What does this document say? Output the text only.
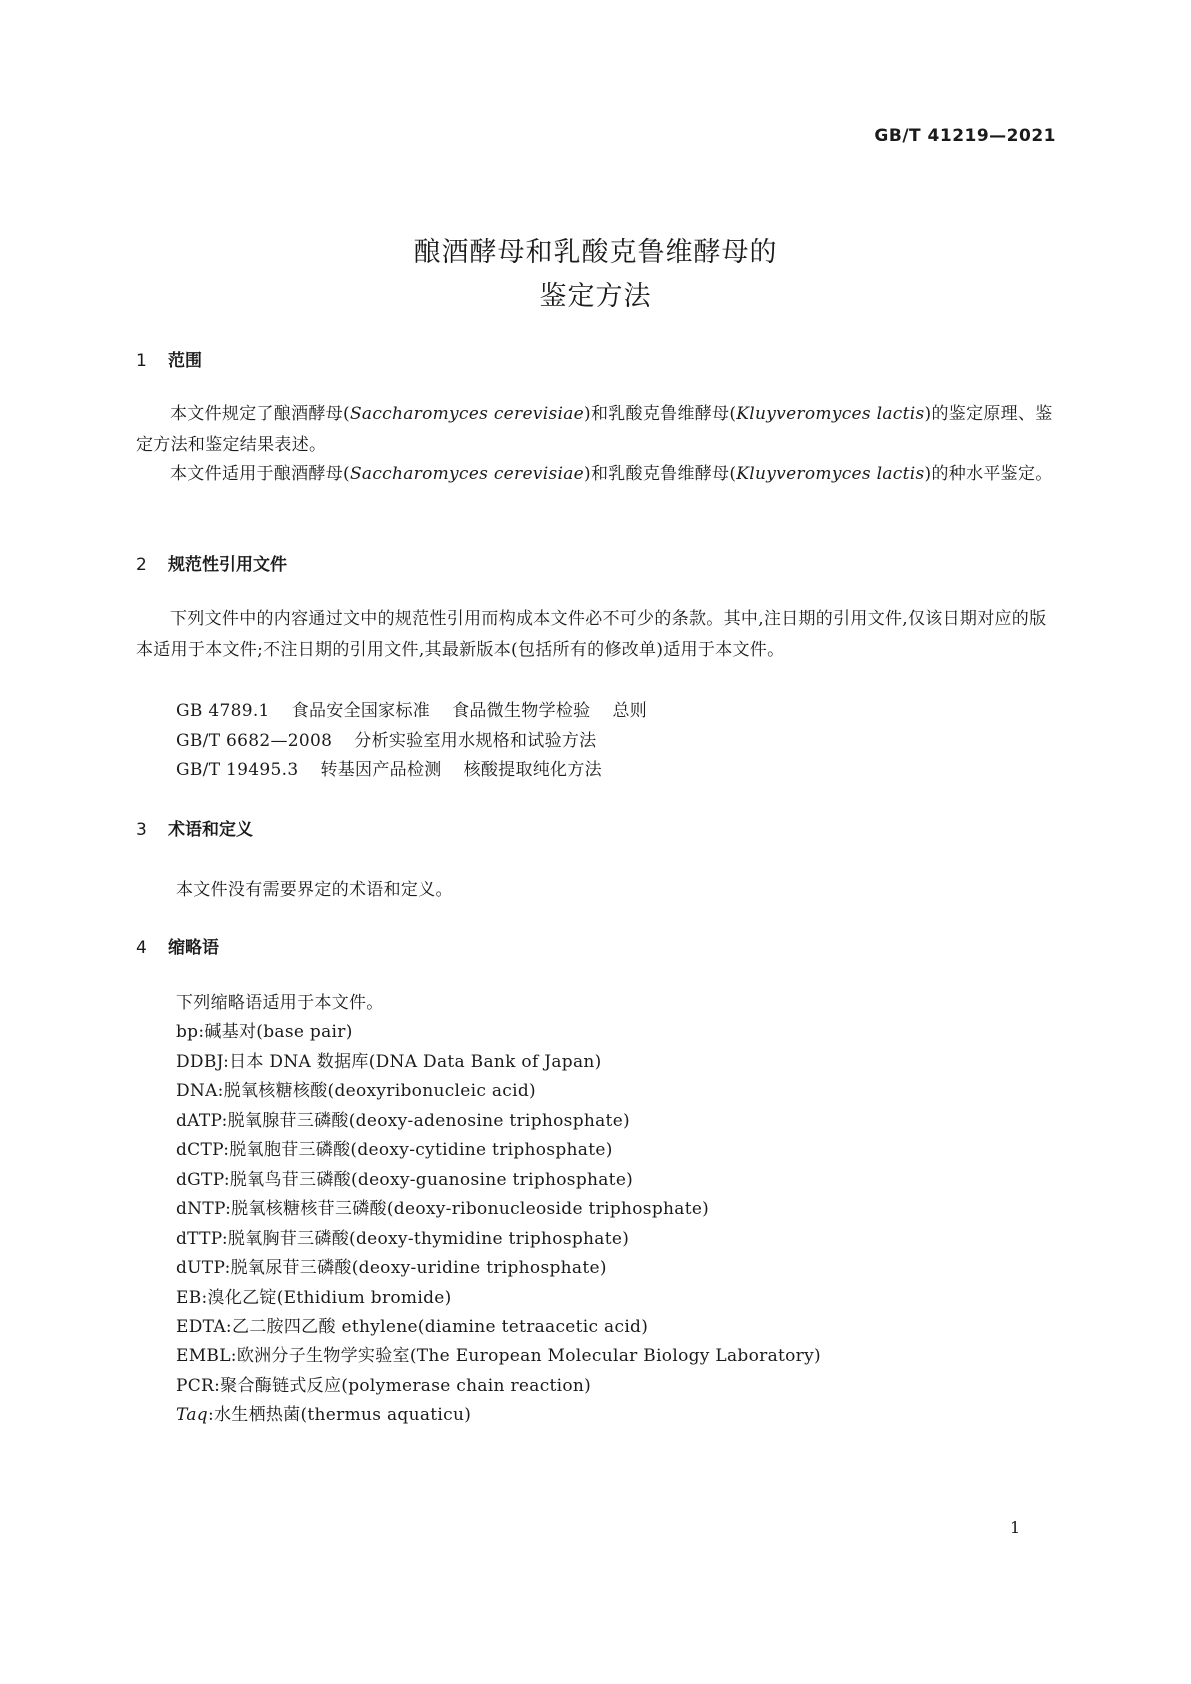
GB/T 41219—2021
酿酒酵母和乳酸克鲁维酵母的
鉴定方法
1 范围
本文件规定了酿酒酵母(Saccharomyces cerevisiae)和乳酸克鲁维酵母(Kluyveromyces lactis)的鉴定原理、鉴定方法和鉴定结果表述。
本文件适用于酿酒酵母(Saccharomyces cerevisiae)和乳酸克鲁维酵母(Kluyveromyces lactis)的种水平鉴定。
2 规范性引用文件
下列文件中的内容通过文中的规范性引用而构成本文件必不可少的条款。其中,注日期的引用文件,仅该日期对应的版本适用于本文件;不注日期的引用文件,其最新版本(包括所有的修改单)适用于本文件。
GB 4789.1 食品安全国家标准 食品微生物学检验 总则
GB/T 6682—2008 分析实验室用水规格和试验方法
GB/T 19495.3 转基因产品检测 核酸提取纯化方法
3 术语和定义
本文件没有需要界定的术语和定义。
4 缩略语
下列缩略语适用于本文件。
bp:碱基对(base pair)
DDBJ:日本 DNA 数据库(DNA Data Bank of Japan)
DNA:脱氧核糖核酸(deoxyribonucleic acid)
dATP:脱氧腺苷三磷酸(deoxy-adenosine triphosphate)
dCTP:脱氧胞苷三磷酸(deoxy-cytidine triphosphate)
dGTP:脱氧鸟苷三磷酸(deoxy-guanosine triphosphate)
dNTP:脱氧核糖核苷三磷酸(deoxy-ribonucleoside triphosphate)
dTTP:脱氧胸苷三磷酸(deoxy-thymidine triphosphate)
dUTP:脱氧尿苷三磷酸(deoxy-uridine triphosphate)
EB:溴化乙锭(Ethidium bromide)
EDTA:乙二胺四乙酸 ethylene(diamine tetraacetic acid)
EMBL:欧洲分子生物学实验室(The European Molecular Biology Laboratory)
PCR:聚合酶链式反应(polymerase chain reaction)
Taq:水生栖热菌(thermus aquaticu)
1
